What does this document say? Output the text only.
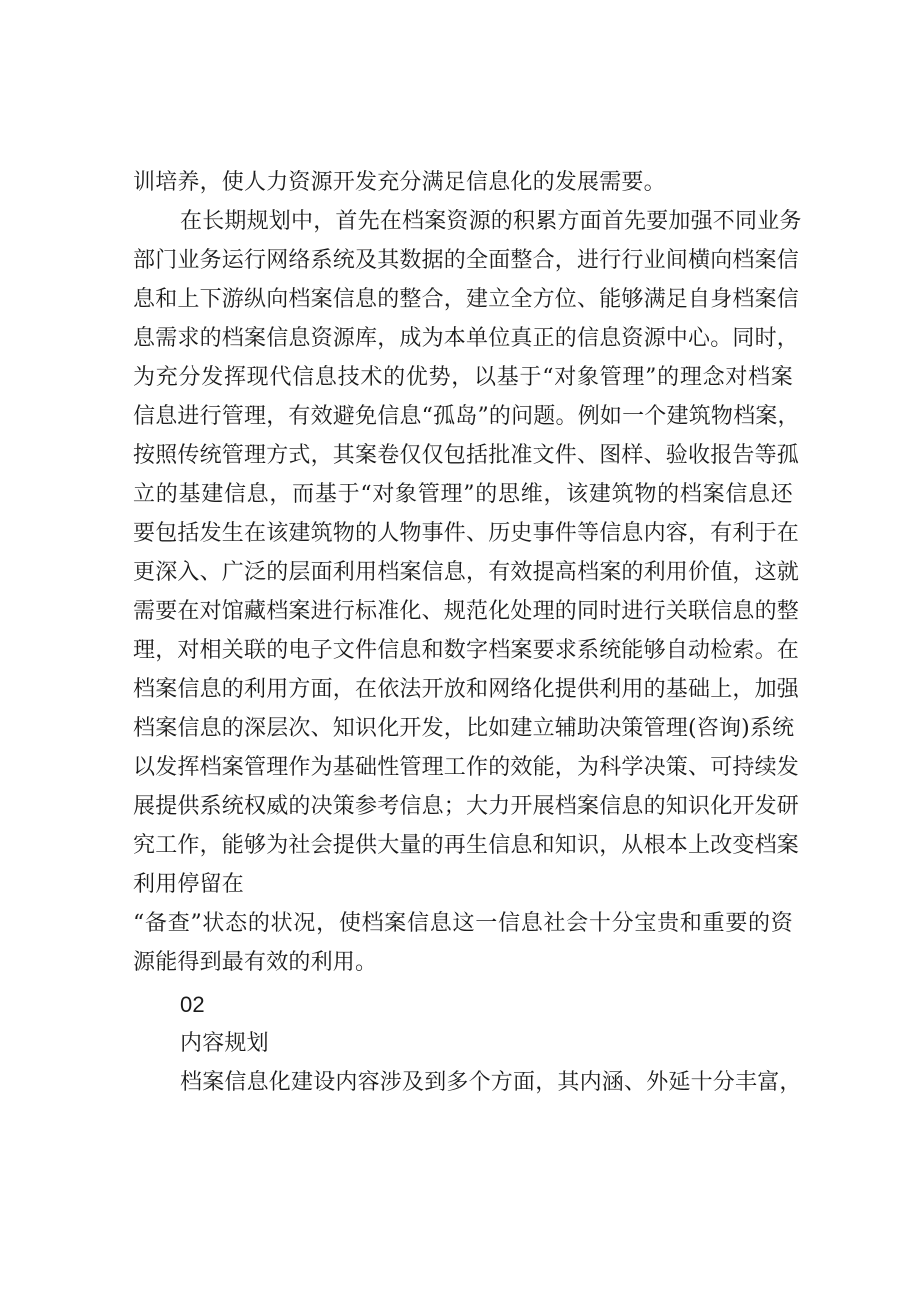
训培养，使人力资源开发充分满足信息化的发展需要。
在长期规划中，首先在档案资源的积累方面首先要加强不同业务
部门业务运行网络系统及其数据的全面整合，进行行业间横向档案信
息和上下游纵向档案信息的整合，建立全方位、能够满足自身档案信
息需求的档案信息资源库，成为本单位真正的信息资源中心。同时，
为充分发挥现代信息技术的优势，以基于“对象管理”的理念对档案
信息进行管理，有效避免信息“孤岛”的问题。例如一个建筑物档案，
按照传统管理方式，其案卷仅仅包括批准文件、图样、验收报告等孤
立的基建信息，而基于“对象管理”的思维，该建筑物的档案信息还
要包括发生在该建筑物的人物事件、历史事件等信息内容，有利于在
更深入、广泛的层面利用档案信息，有效提高档案的利用价值，这就
需要在对馆藏档案进行标准化、规范化处理的同时进行关联信息的整
理，对相关联的电子文件信息和数字档案要求系统能够自动检索。在
档案信息的利用方面，在依法开放和网络化提供利用的基础上，加强
档案信息的深层次、知识化开发，比如建立辅助决策管理(咨询)系统
以发挥档案管理作为基础性管理工作的效能，为科学决策、可持续发
展提供系统权威的决策参考信息；大力开展档案信息的知识化开发研
究工作，能够为社会提供大量的再生信息和知识，从根本上改变档案
利用停留在
“备查”状态的状况，使档案信息这一信息社会十分宝贵和重要的资
源能得到最有效的利用。
02
内容规划
档案信息化建设内容涉及到多个方面，其内涵、外延十分丰富，
